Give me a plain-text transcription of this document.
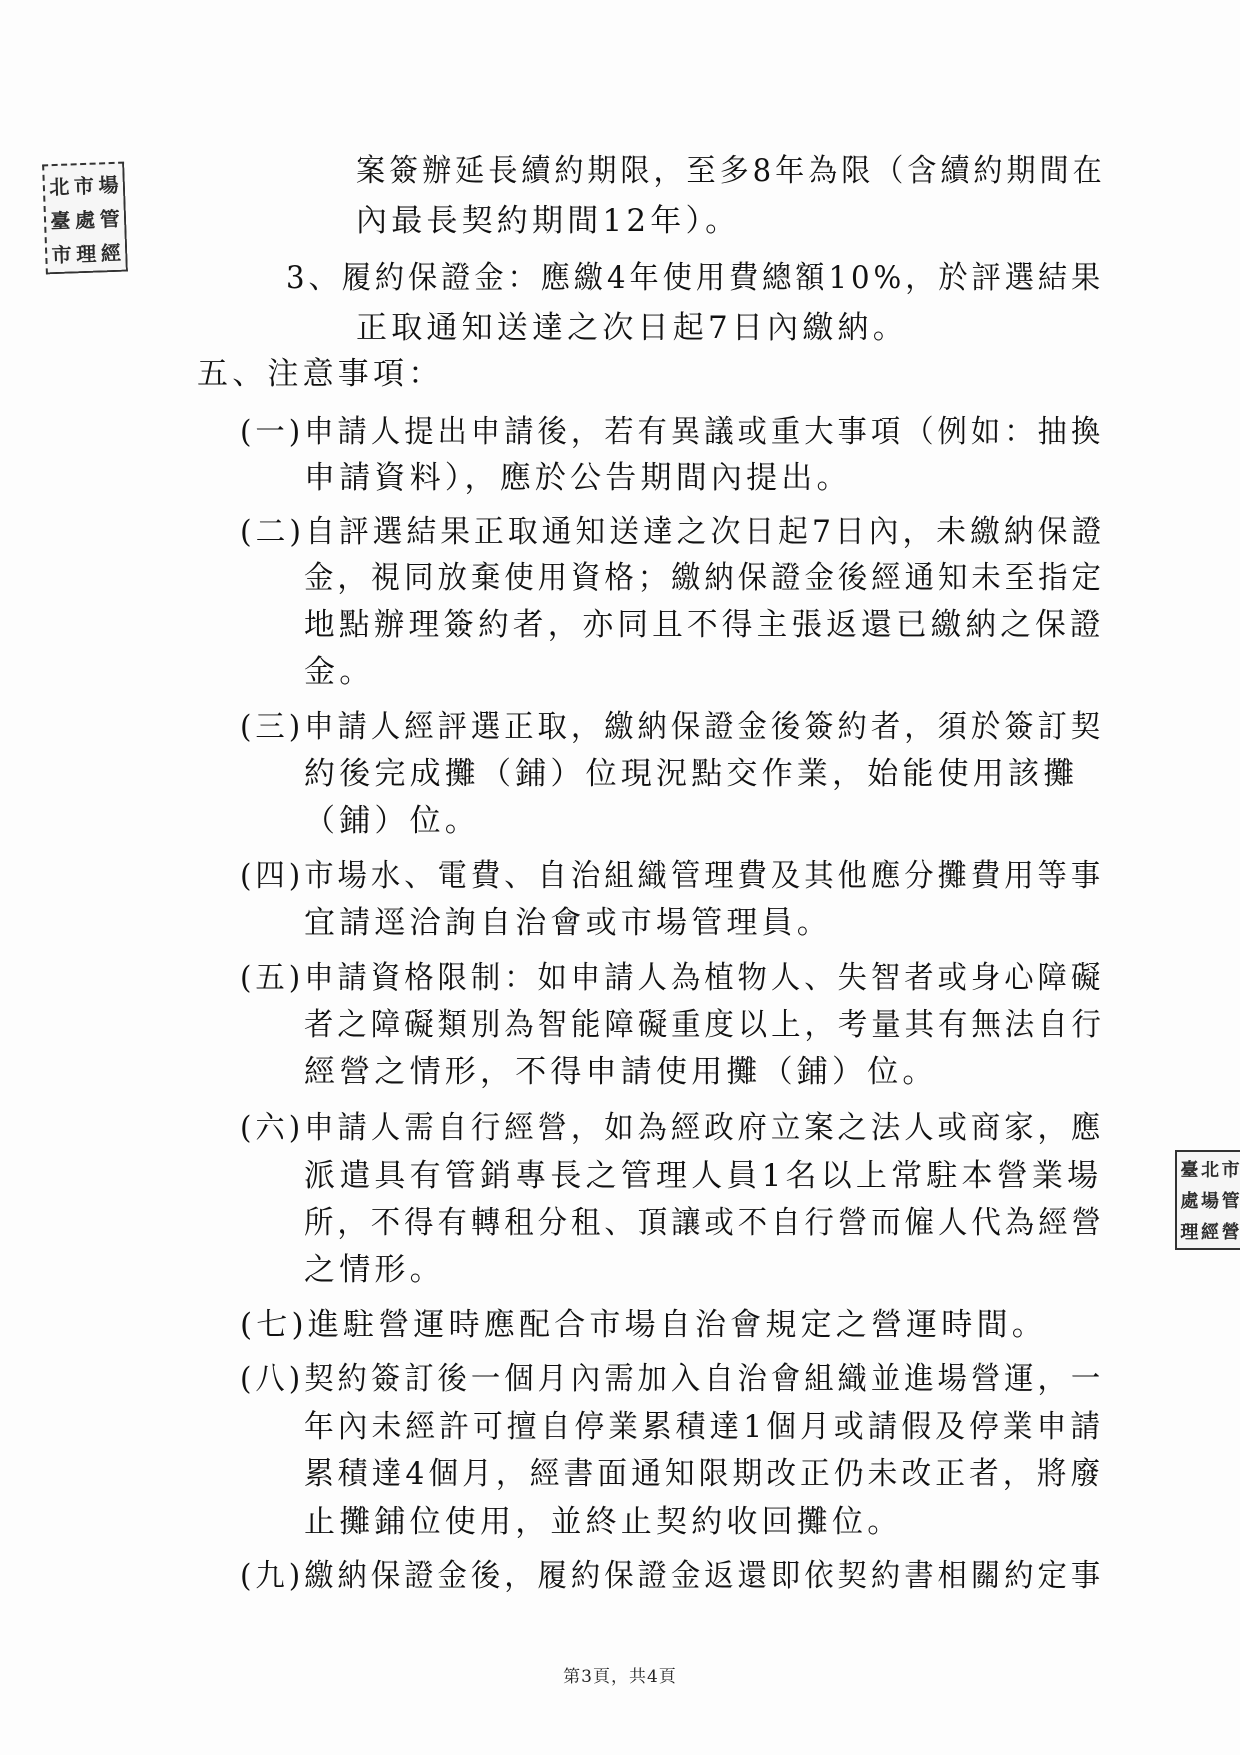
北 市 場
臺 處 管
市 理 經
案簽辦延長續約期限，至多8年為限（含續約期間在
內最長契約期間12年）。
3、履約保證金：應繳4年使用費總額10%，於評選結果
正取通知送達之次日起7日內繳納。
五、注意事項：
(一)申請人提出申請後，若有異議或重大事項（例如：抽換
申請資料），應於公告期間內提出。
(二)自評選結果正取通知送達之次日起7日內，未繳納保證
金，視同放棄使用資格；繳納保證金後經通知未至指定
地點辦理簽約者，亦同且不得主張返還已繳納之保證
金。
(三)申請人經評選正取，繳納保證金後簽約者，須於簽訂契
約後完成攤（鋪）位現況點交作業，始能使用該攤
（鋪）位。
(四)市場水、電費、自治組織管理費及其他應分攤費用等事
宜請逕洽詢自治會或市場管理員。
(五)申請資格限制：如申請人為植物人、失智者或身心障礙
者之障礙類別為智能障礙重度以上，考量其有無法自行
經營之情形，不得申請使用攤（鋪）位。
(六)申請人需自行經營，如為經政府立案之法人或商家，應
派遣具有管銷專長之管理人員1名以上常駐本營業場
所，不得有轉租分租、頂讓或不自行營而僱人代為經營
之情形。
(七)進駐營運時應配合市場自治會規定之營運時間。
(八)契約簽訂後一個月內需加入自治會組織並進場營運，一
年內未經許可擅自停業累積達1個月或請假及停業申請
累積達4個月，經書面通知限期改正仍未改正者，將廢
止攤鋪位使用，並終止契約收回攤位。
(九)繳納保證金後，履約保證金返還即依契約書相關約定事
臺 北 市
處 場 管
理 經 營
第3頁，共4頁
